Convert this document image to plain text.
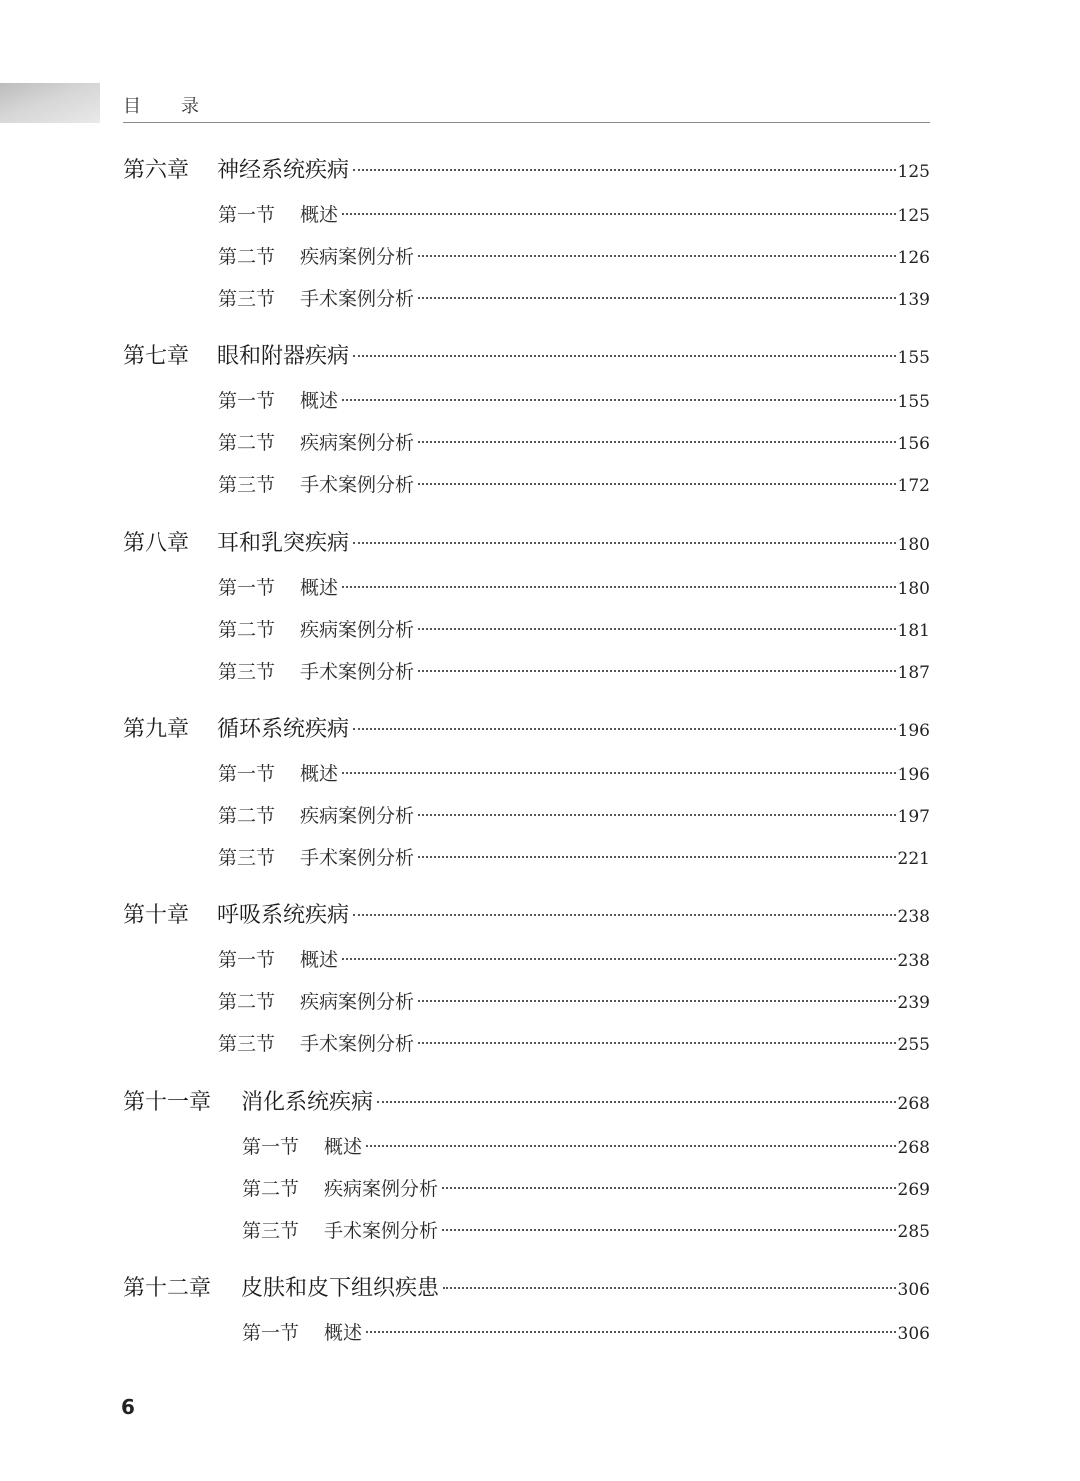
目录
第六章	神经系统疾病	125
第一节	概述	125
第二节	疾病案例分析	126
第三节	手术案例分析	139
第七章	眼和附器疾病	155
第一节	概述	155
第二节	疾病案例分析	156
第三节	手术案例分析	172
第八章	耳和乳突疾病	180
第一节	概述	180
第二节	疾病案例分析	181
第三节	手术案例分析	187
第九章	循环系统疾病	196
第一节	概述	196
第二节	疾病案例分析	197
第三节	手术案例分析	221
第十章	呼吸系统疾病	238
第一节	概述	238
第二节	疾病案例分析	239
第三节	手术案例分析	255
第十一章	消化系统疾病	268
第一节	概述	268
第二节	疾病案例分析	269
第三节	手术案例分析	285
第十二章	皮肤和皮下组织疾患	306
第一节	概述	306
6
